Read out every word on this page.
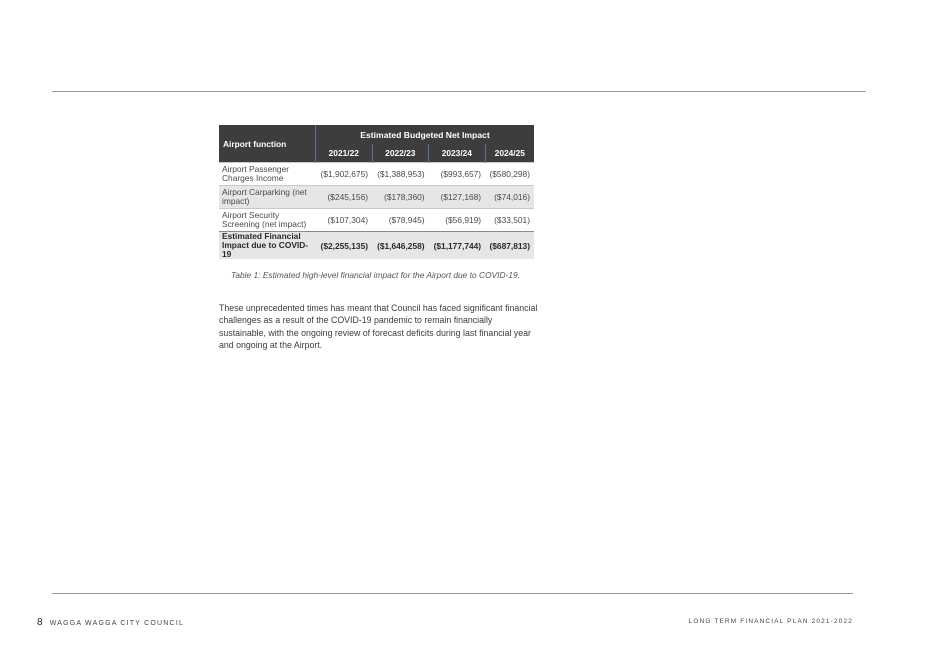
Airport function	Estimated Budgeted Net Impact			
	2021/22	2022/23	2023/24	2024/25
Airport Passenger Charges Income	($1,902,675)	($1,388,953)	($993,657)	($580,298)
Airport Carparking (net impact)	($245,156)	($178,360)	($127,168)	($74,016)
Airport Security Screening (net impact)	($107,304)	($78,945)	($56,919)	($33,501)
Estimated Financial Impact due to COVID-19	($2,255,135)	($1,646,258)	($1,177,744)	($687,813)
Table 1: Estimated high-level financial impact for the Airport due to COVID-19.

These unprecedented times has meant that Council has faced significant financial challenges as a result of the COVID-19 pandemic to remain financially sustainable, with the ongoing review of forecast deficits during last financial year and ongoing at the Airport.

8 WAGGA WAGGA CITY COUNCIL	LONG TERM FINANCIAL PLAN 2021-2022
